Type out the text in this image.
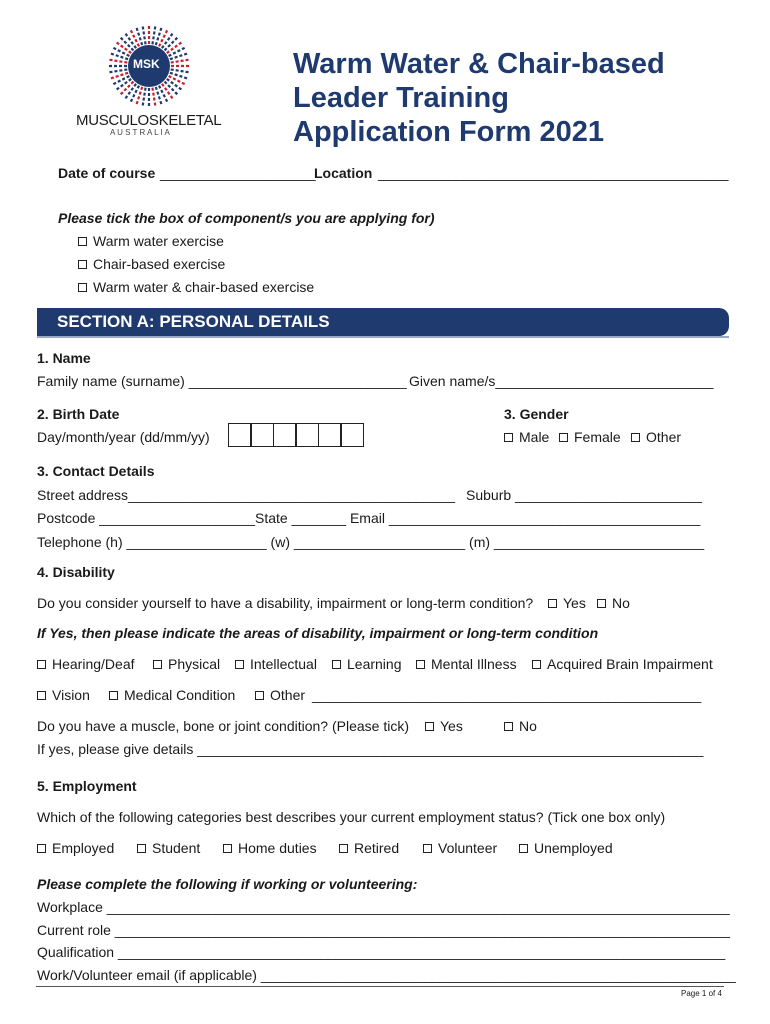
MSK
MUSCULOSKELETAL
A U S T R A L I A
Warm Water & Chair-based
Leader Training
Application Form 2021
Date of course ____________________
Location _____________________________________________
Please tick the box of component/s you are applying for)
Warm water exercise
Chair-based exercise
Warm water & chair-based exercise
SECTION A: PERSONAL DETAILS
1. Name
Family name (surname) ____________________________ Given name/s____________________________
2. Birth Date	3. Gender
Day/month/year (dd/mm/yy)	Male	Female	Other
3. Contact Details
Street address__________________________________________ Suburb ________________________
Postcode ____________________State _______ Email ________________________________________
Telephone (h) __________________ (w) ______________________ (m) ___________________________
4. Disability
Do you consider yourself to have a disability, impairment or long-term condition?	Yes	No
If Yes, then please indicate the areas of disability, impairment or long-term condition
Hearing/Deaf	Physical	Intellectual	Learning	Mental Illness	Acquired Brain Impairment
Vision	Medical Condition	Other __________________________________________________
Do you have a muscle, bone or joint condition? (Please tick)	Yes	No
If yes, please give details _________________________________________________________________
5. Employment
Which of the following categories best describes your current employment status? (Tick one box only)
Employed	Student	Home duties	Retired	Volunteer	Unemployed
Please complete the following if working or volunteering:
Workplace ________________________________________________________________________________
Current role _______________________________________________________________________________
Qualification ______________________________________________________________________________
Work/Volunteer email (if applicable) _____________________________________________________________
Page 1 of 4
